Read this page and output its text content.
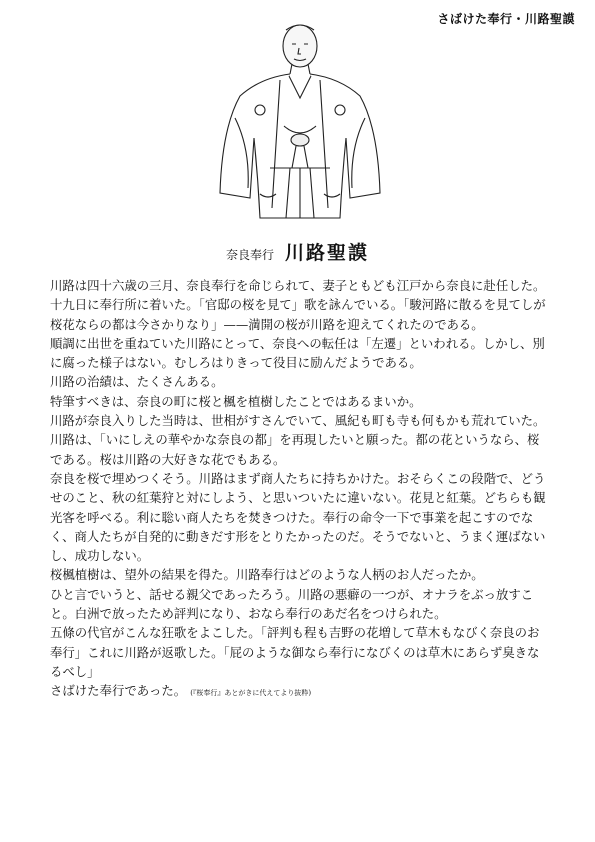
さばけた奉行・川路聖謨
奈良奉行 川路聖謨

川路は四十六歳の三月、奈良奉行を命じられて、妻子ともども江戸から奈良に赴任した。

十九日に奉行所に着いた。「官邸の桜を見て」歌を詠んでいる。「駿河路に散るを見てしが桜花ならの都は今さかりなり」——満開の桜が川路を迎えてくれたのである。

順調に出世を重ねていた川路にとって、奈良への転任は「左遷」といわれる。しかし、別に腐った様子はない。むしろはりきって役目に励んだようである。

川路の治績は、たくさんある。

特筆すべきは、奈良の町に桜と楓を植樹したことではあるまいか。

川路が奈良入りした当時は、世相がすさんでいて、風紀も町も寺も何もかも荒れていた。川路は、「いにしえの華やかな奈良の都」を再現したいと願った。都の花というなら、桜である。桜は川路の大好きな花でもある。

奈良を桜で埋めつくそう。川路はまず商人たちに持ちかけた。おそらくこの段階で、どうせのこと、秋の紅葉狩と対にしよう、と思いついたに違いない。花見と紅葉。どちらも観光客を呼べる。利に聡い商人たちを焚きつけた。奉行の命令一下で事業を起こすのでなく、商人たちが自発的に動きだす形をとりたかったのだ。そうでないと、うまく運ばないし、成功しない。

桜楓植樹は、望外の結果を得た。川路奉行はどのような人柄のお人だったか。

ひと言でいうと、話せる親父であったろう。川路の悪癖の一つが、オナラをぶっ放すこと。白洲で放ったため評判になり、おなら奉行のあだ名をつけられた。

五條の代官がこんな狂歌をよこした。「評判も程も吉野の花増して草木もなびく奈良のお奉行」これに川路が返歌した。「屁のような御なら奉行になびくのは草木にあらず臭きなるべし」

さばけた奉行であった。 (『桜奉行』あとがきに代えてより抜粋)
